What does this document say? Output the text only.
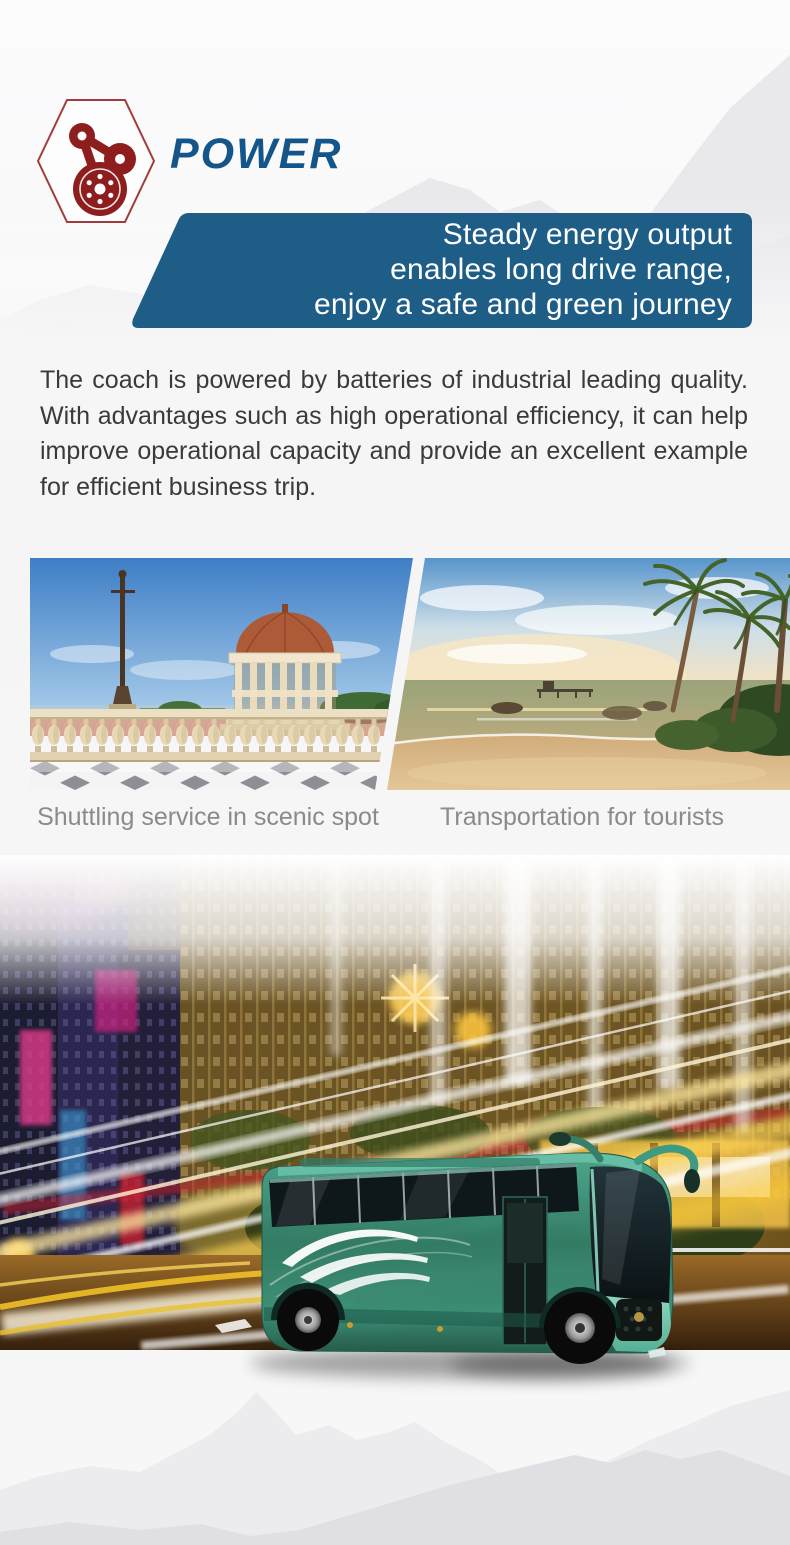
POWER
Steady energy output
enables long drive range,
enjoy a safe and green journey

The coach is powered by batteries of industrial leading quality. With advantages such as high operational efficiency, it can help improve operational capacity and provide an excellent example for efficient business trip.

Shuttling service in scenic spot	Transportation for tourists
